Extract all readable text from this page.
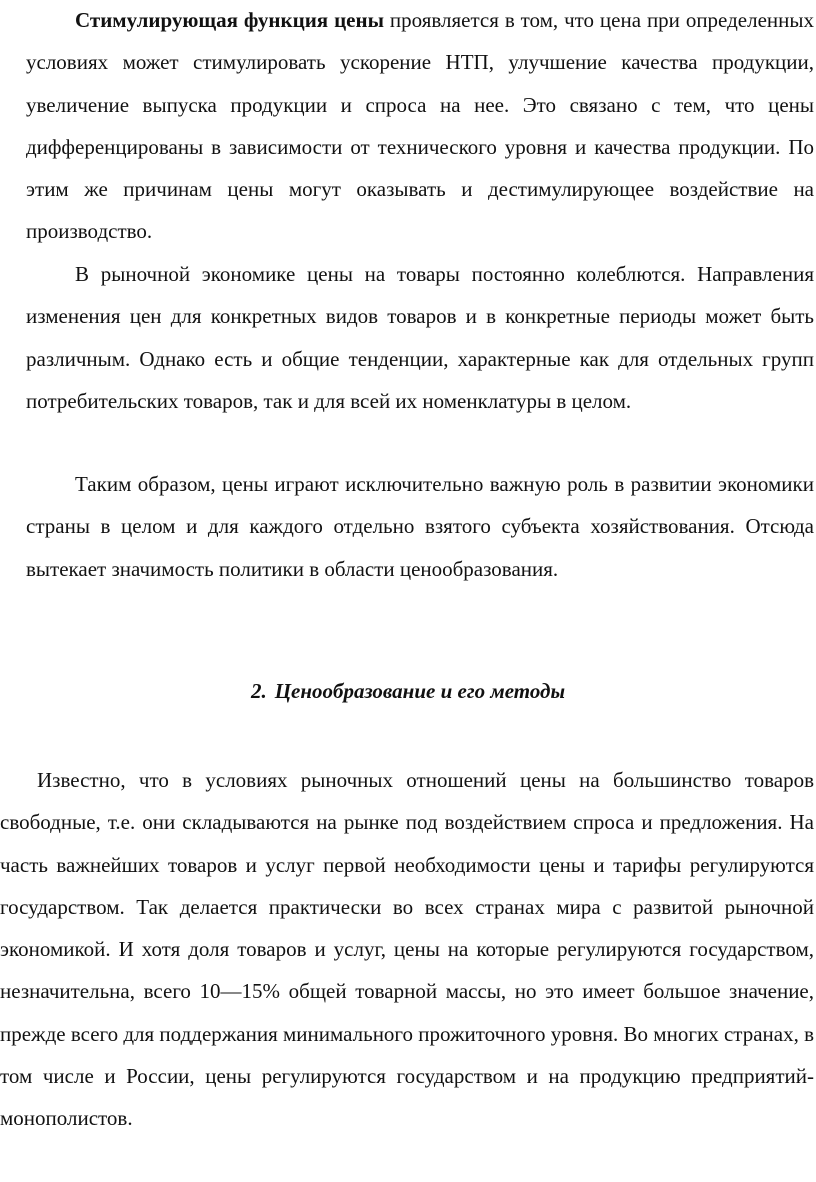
Стимулирующая функция цены проявляется в том, что цена при определенных условиях может стимулировать ускорение НТП, улучшение качества продукции, увеличение выпуска продукции и спроса на нее. Это связано с тем, что цены дифференцированы в зависимости от технического уровня и качества продукции. По этим же причинам цены могут оказывать и дестимулирующее воздействие на производство.

В рыночной экономике цены на товары постоянно колеблются. Направления изменения цен для конкретных видов товаров и в конкретные периоды может быть различным. Однако есть и общие тенденции, характерные как для отдельных групп потребительских товаров, так и для всей их номенклатуры в целом.

Таким образом, цены играют исключительно важную роль в развитии экономики страны в целом и для каждого отдельно взятого субъекта хозяйствования. Отсюда вытекает значимость политики в области ценообразования.

2. Ценообразование и его методы

Известно, что в условиях рыночных отношений цены на большинство товаров свободные, т.е. они складываются на рынке под воздействием спроса и предложения. На часть важнейших товаров и услуг первой необходимости цены и тарифы регулируются государством. Так делается практически во всех странах мира с развитой рыночной экономикой. И хотя доля товаров и услуг, цены на которые регулируются государством, незначительна, всего 10—15% общей товарной массы, но это имеет большое значение, прежде всего для поддержания минимального прожиточного уровня. Во многих странах, в том числе и России, цены регулируются государством и на продукцию предприятий-монополистов.
